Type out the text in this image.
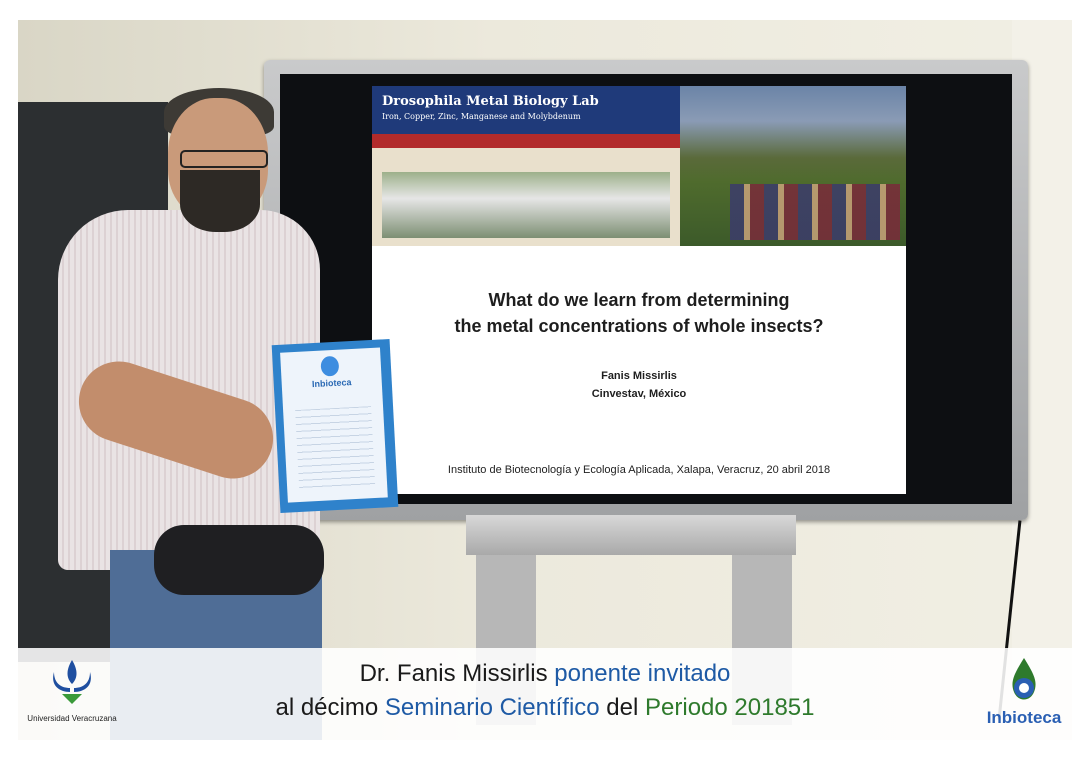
Drosophila Metal Biology Lab
Iron, Copper, Zinc, Manganese and Molybdenum
What do we learn from determining
the metal concentrations of whole insects?
Fanis Missirlis
Cinvestav, México
Instituto de Biotecnología y Ecología Aplicada, Xalapa, Veracruz, 20 abril 2018
Inbioteca
Universidad Veracruzana
Dr. Fanis Missirlis ponente invitado
al décimo Seminario Científico del Periodo 201851	Inbioteca
